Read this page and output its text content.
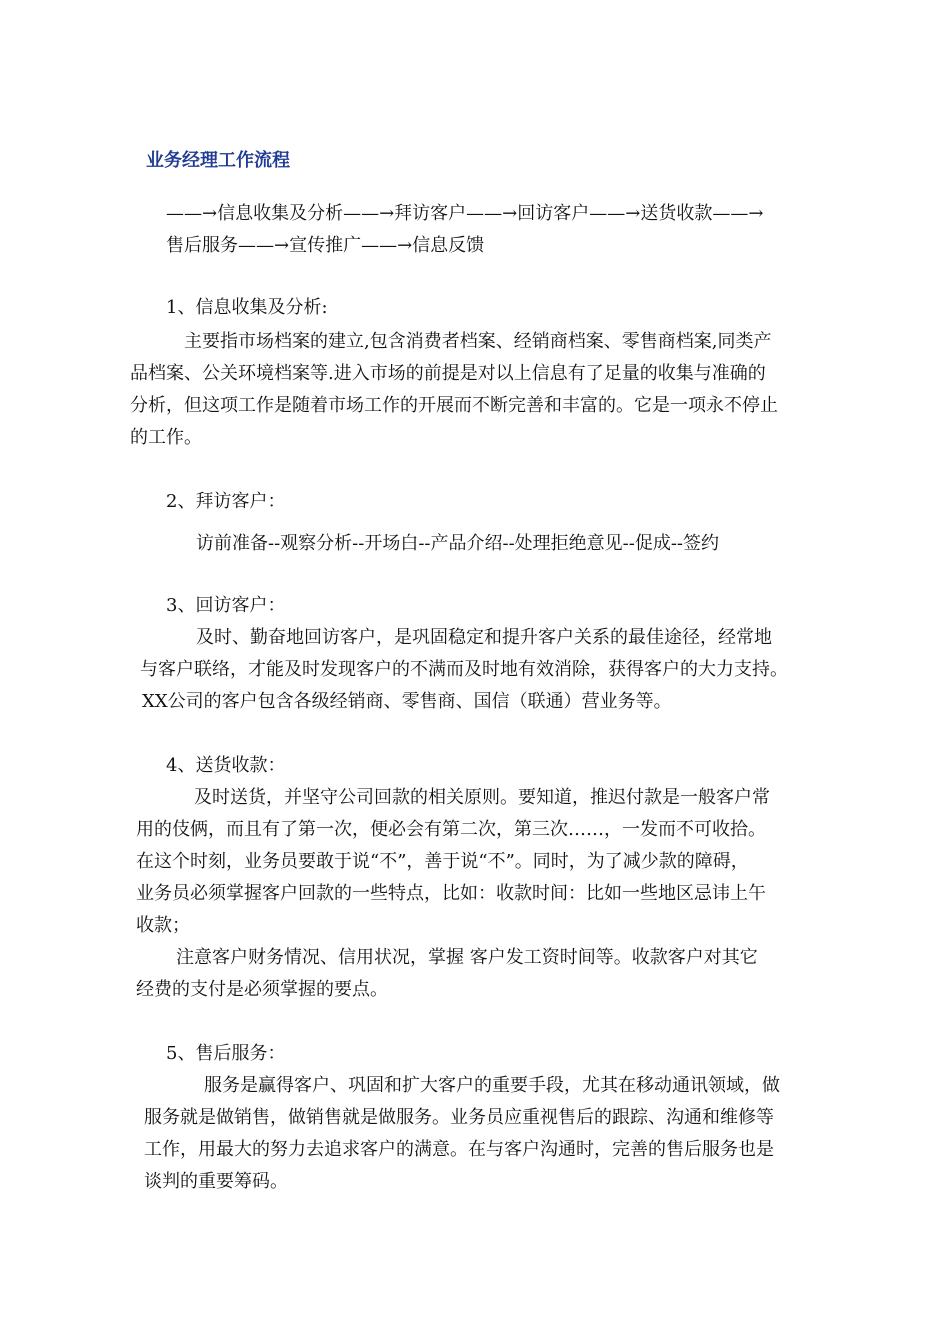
业务经理工作流程
——→信息收集及分析——→拜访客户——→回访客户——→送货收款——→
售后服务——→宣传推广——→信息反馈
1、信息收集及分析:
主要指市场档案的建立,包含消费者档案、经销商档案、零售商档案,同类产
品档案、公关环境档案等.进入市场的前提是对以上信息有了足量的收集与准确的
分析，但这项工作是随着市场工作的开展而不断完善和丰富的。它是一项永不停止
的工作。
2、拜访客户：
访前准备--观察分析--开场白--产品介绍--处理拒绝意见--促成--签约
3、回访客户：
及时、勤奋地回访客户，是巩固稳定和提升客户关系的最佳途径，经常地
与客户联络，才能及时发现客户的不满而及时地有效消除，获得客户的大力支持。
XX公司的客户包含各级经销商、零售商、国信（联通）营业务等。
4、送货收款：
及时送货，并坚守公司回款的相关原则。要知道，推迟付款是一般客户常
用的伎俩，而且有了第一次，便必会有第二次，第三次……，一发而不可收拾。
在这个时刻，业务员要敢于说“不”，善于说“不”。同时，为了减少款的障碍，
业务员必须掌握客户回款的一些特点，比如：收款时间：比如一些地区忌讳上午
收款；
注意客户财务情况、信用状况，掌握 客户发工资时间等。收款客户对其它
经费的支付是必须掌握的要点。
5、售后服务：
服务是赢得客户、巩固和扩大客户的重要手段，尤其在移动通讯领域，做
服务就是做销售，做销售就是做服务。业务员应重视售后的跟踪、沟通和维修等
工作，用最大的努力去追求客户的满意。在与客户沟通时，完善的售后服务也是
谈判的重要筹码。
